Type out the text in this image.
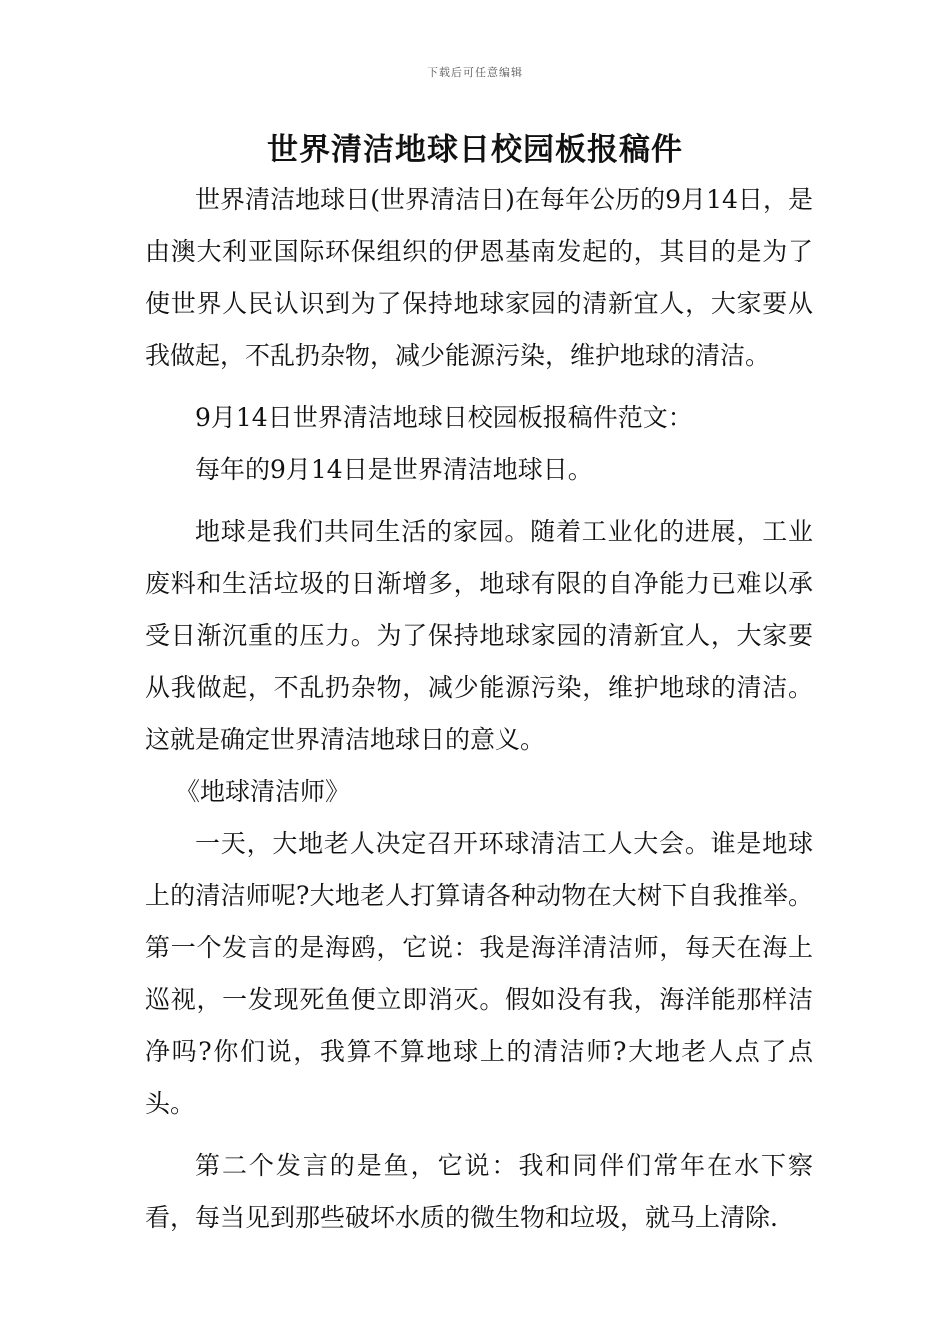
下载后可任意编辑
世界清洁地球日校园板报稿件

世界清洁地球日(世界清洁日)在每年公历的9月14日，是由澳大利亚国际环保组织的伊恩基南发起的，其目的是为了使世界人民认识到为了保持地球家园的清新宜人，大家要从我做起，不乱扔杂物，减少能源污染，维护地球的清洁。

9月14日世界清洁地球日校园板报稿件范文：

每年的9月14日是世界清洁地球日。

地球是我们共同生活的家园。随着工业化的进展，工业废料和生活垃圾的日渐增多，地球有限的自净能力已难以承受日渐沉重的压力。为了保持地球家园的清新宜人，大家要从我做起，不乱扔杂物，减少能源污染，维护地球的清洁。这就是确定世界清洁地球日的意义。

《地球清洁师》

一天，大地老人决定召开环球清洁工人大会。谁是地球上的清洁师呢?大地老人打算请各种动物在大树下自我推举。第一个发言的是海鸥，它说：我是海洋清洁师，每天在海上巡视，一发现死鱼便立即消灭。假如没有我，海洋能那样洁净吗?你们说，我算不算地球上的清洁师?大地老人点了点头。

第二个发言的是鱼，它说：我和同伴们常年在水下察看，每当见到那些破坏水质的微生物和垃圾，就马上清除.
